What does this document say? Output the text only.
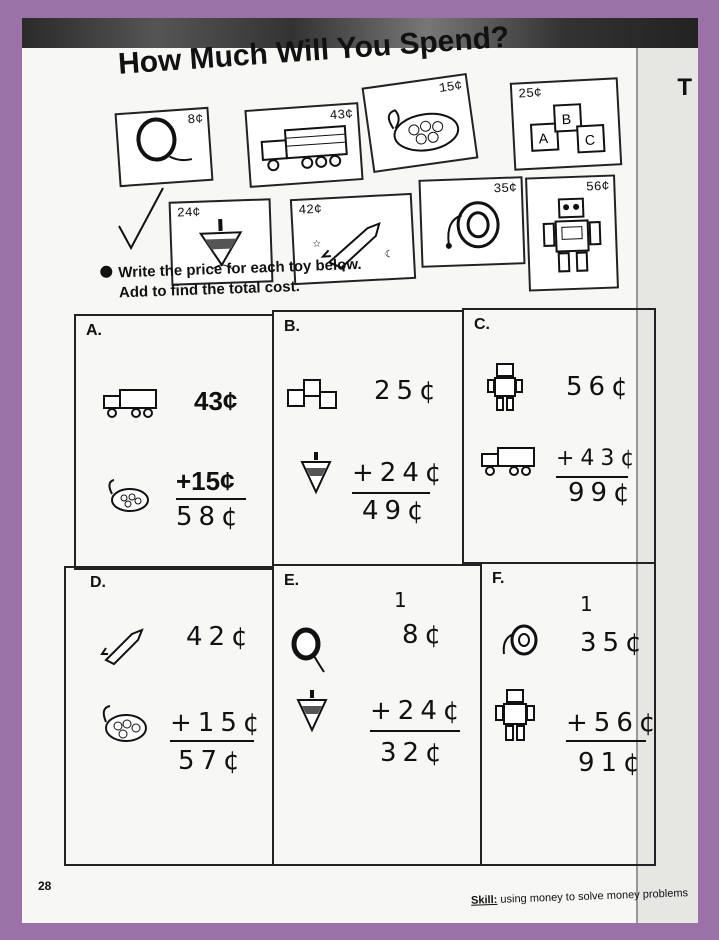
T
How Much Will You Spend?
8¢	43¢
15¢	25¢
A
B
C
24¢	42¢
☆
☾
35¢	56¢
Write the price for each toy below.
Add to find the total cost.
A.
43¢
+15¢
58¢
B.
25¢
+24¢
49¢
C.
56¢
+43¢
99¢
D.
42¢
+15¢
57¢
E.
1
8¢
+24¢
32¢
F.
1
35¢
+56¢
91¢
28
Skill: using money to solve money problems
